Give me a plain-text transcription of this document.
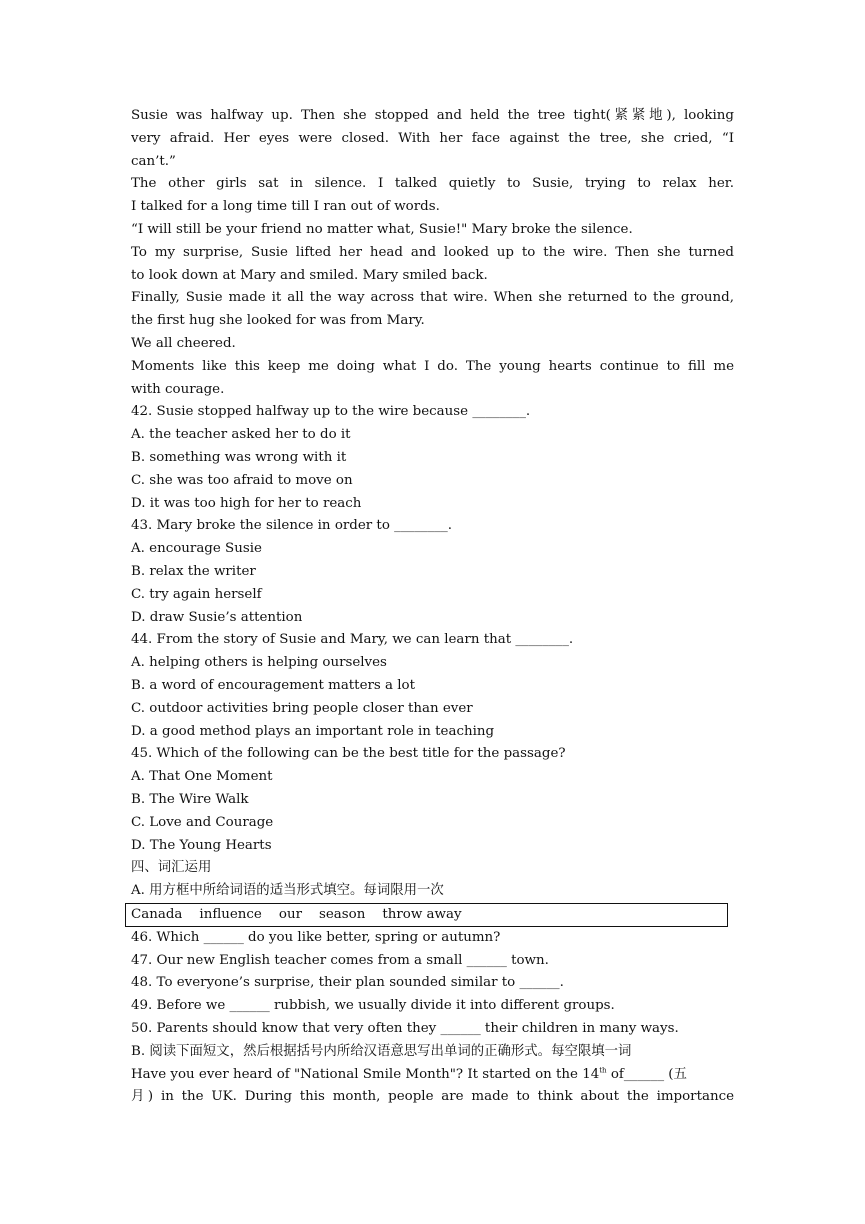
Susie was halfway up. Then she stopped and held the tree tight(紧紧地), looking
very afraid. Her eyes were closed. With her face against the tree, she cried, “I
can’t.”
The other girls sat in silence. I talked quietly to Susie, trying to relax her.
I talked for a long time till I ran out of words.
“I will still be your friend no matter what, Susie!" Mary broke the silence.
To my surprise, Susie lifted her head and looked up to the wire. Then she turned
to look down at Mary and smiled. Mary smiled back.
Finally, Susie made it all the way across that wire. When she returned to the ground,
the first hug she looked for was from Mary.
We all cheered.
Moments like this keep me doing what I do. The young hearts continue to fill me
with courage.
42. Susie stopped halfway up to the wire because ________.
A. the teacher asked her to do it
B. something was wrong with it
C. she was too afraid to move on
D. it was too high for her to reach
43. Mary broke the silence in order to ________.
A. encourage Susie
B. relax the writer
C. try again herself
D. draw Susie’s attention
44. From the story of Susie and Mary, we can learn that ________.
A. helping others is helping ourselves
B. a word of encouragement matters a lot
C. outdoor activities bring people closer than ever
D. a good method plays an important role in teaching
45. Which of the following can be the best title for the passage?
A. That One Moment
B. The Wire Walk
C. Love and Courage
D. The Young Hearts
四、词汇运用
A. 用方框中所给词语的适当形式填空。每词限用一次
Canada    influence    our    season    throw away
46. Which ______ do you like better, spring or autumn?
47. Our new English teacher comes from a small ______ town.
48. To everyone’s surprise, their plan sounded similar to ______.
49. Before we ______ rubbish, we usually divide it into different groups.
50. Parents should know that very often they ______ their children in many ways.
B. 阅读下面短文，然后根据括号内所给汉语意思写出单词的正确形式。每空限填一词
Have you ever heard of "National Smile Month"? It started on the 14th of______ (五
月) in the UK. During this month, people are made to think about the importance
